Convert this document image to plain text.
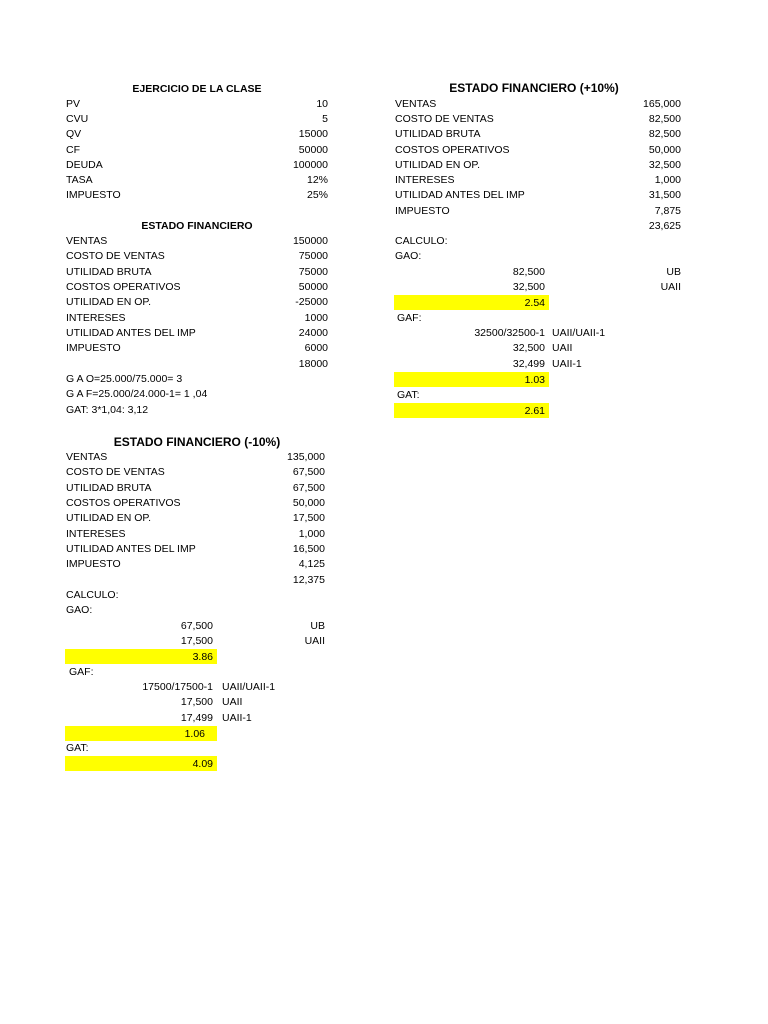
EJERCICIO DE LA CLASE
PV	10
CVU	5
QV	15000
CF	50000
DEUDA	100000
TASA	12%
IMPUESTO	25%
ESTADO FINANCIERO
VENTAS	150000
COSTO DE VENTAS	75000
UTILIDAD BRUTA	75000
COSTOS OPERATIVOS	50000
UTILIDAD EN OP.	-25000
INTERESES	1000
UTILIDAD ANTES DEL IMP	24000
IMPUESTO	6000
18000
G A O=25.000/75.000= 3
G A F=25.000/24.000-1= 1 ,04
GAT: 3*1,04: 3,12
ESTADO FINANCIERO (+10%)
VENTAS	165,000
COSTO DE VENTAS	82,500
UTILIDAD BRUTA	82,500
COSTOS OPERATIVOS	50,000
UTILIDAD EN OP.	32,500
INTERESES	1,000
UTILIDAD ANTES DEL IMP	31,500
IMPUESTO	7,875
23,625
CALCULO:
GAO:
82,500	UB
32,500	UAII
2.54
GAF:
32500/32500-1 UAII/UAII-1
32,500 UAII
32,499 UAII-1
1.03
GAT:
2.61
ESTADO FINANCIERO (-10%)
VENTAS	135,000
COSTO DE VENTAS	67,500
UTILIDAD BRUTA	67,500
COSTOS OPERATIVOS	50,000
UTILIDAD EN OP.	17,500
INTERESES	1,000
UTILIDAD ANTES DEL IMP	16,500
IMPUESTO	4,125
12,375
CALCULO:
GAO:
67,500	UB
17,500	UAII
3.86
GAF:
17500/17500-1 UAII/UAII-1
17,500 UAII
17,499 UAII-1
1.06
GAT:
4.09
